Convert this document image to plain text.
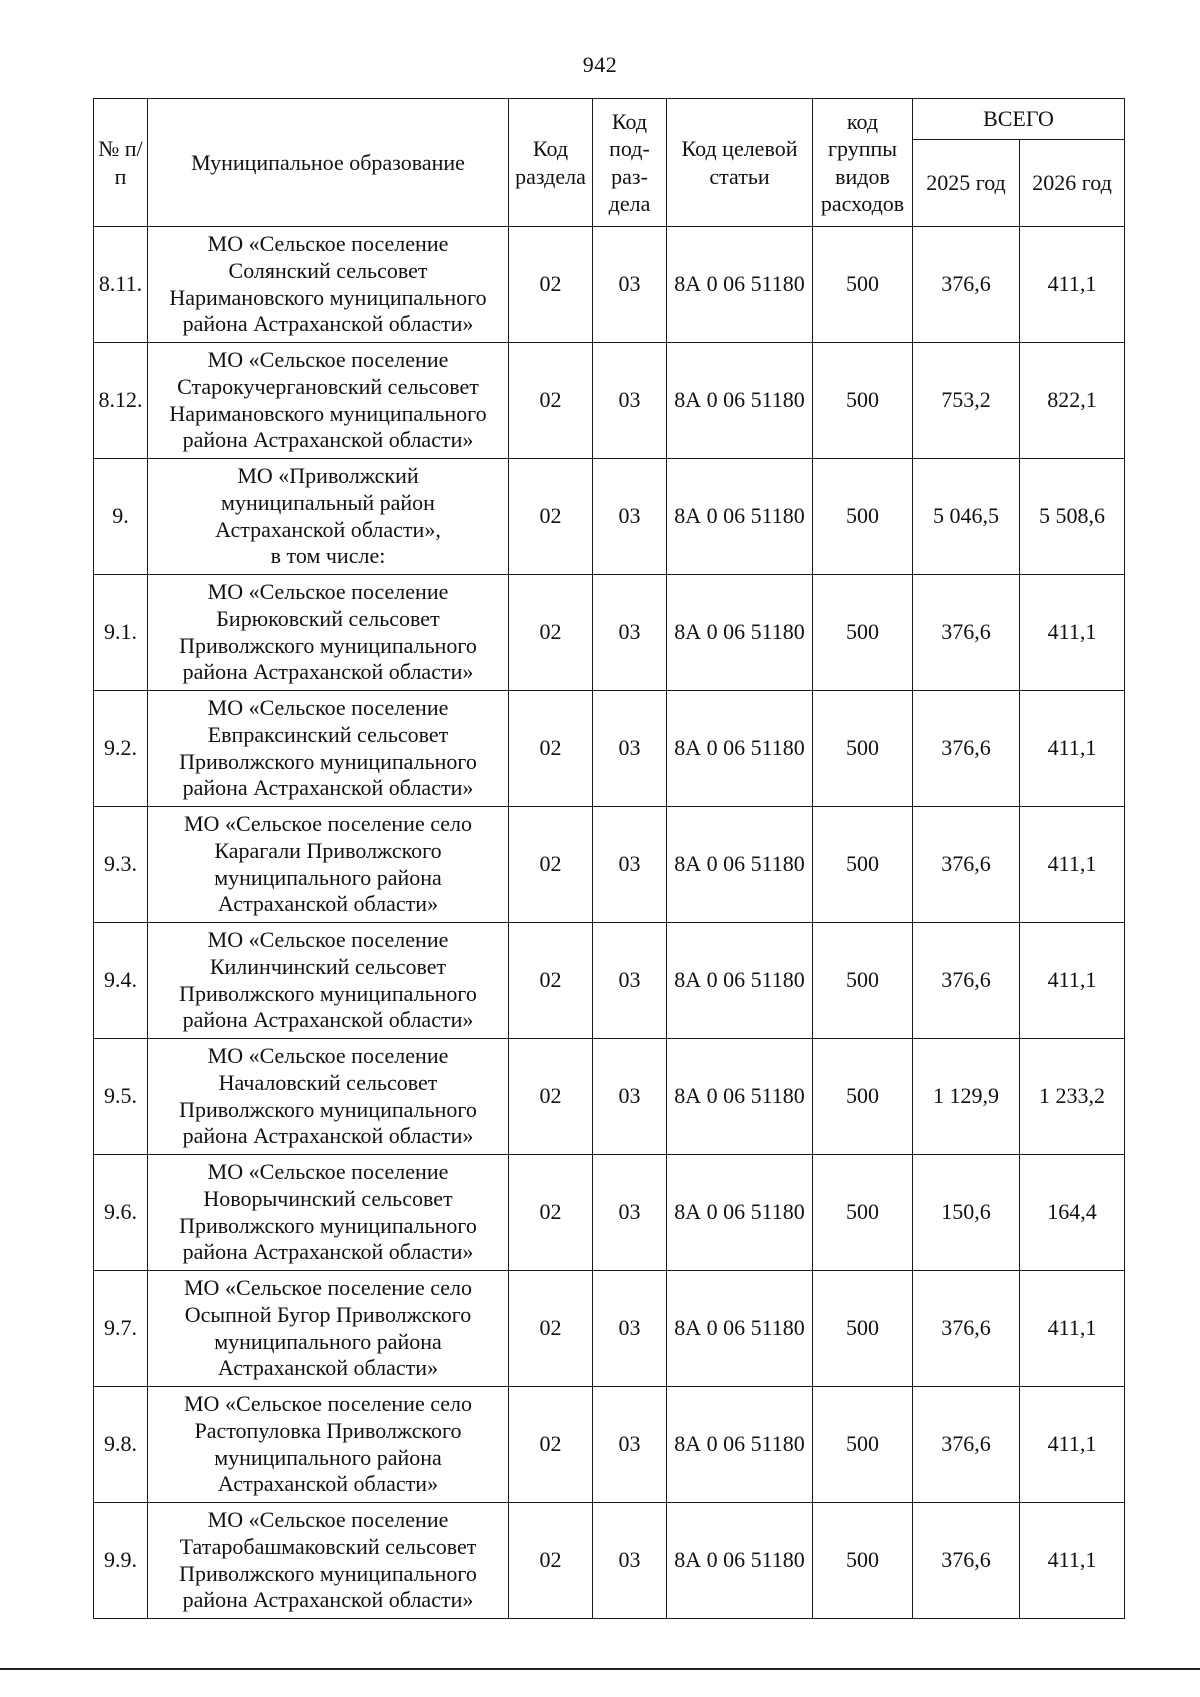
942
№ п/п	Муниципальное образование	Код раздела	Код под-раз-дела	Код целевой статьи	код группы видов расходов	ВСЕГО	
						2025 год	2026 год
8.11.	МО «Сельское поселение
Солянский сельсовет
Наримановского муниципального
района Астраханской области»	02	03	8А 0 06 51180	500	376,6	411,1
8.12.	МО «Сельское поселение
Старокучергановский сельсовет
Наримановского муниципального
района Астраханской области»	02	03	8А 0 06 51180	500	753,2	822,1
9.	МО «Приволжский
муниципальный район
Астраханской области»,
в том числе:	02	03	8А 0 06 51180	500	5 046,5	5 508,6
9.1.	МО «Сельское поселение
Бирюковский сельсовет
Приволжского муниципального
района Астраханской области»	02	03	8А 0 06 51180	500	376,6	411,1
9.2.	МО «Сельское поселение
Евпраксинский сельсовет
Приволжского муниципального
района Астраханской области»	02	03	8А 0 06 51180	500	376,6	411,1
9.3.	МО «Сельское поселение село
Карагали Приволжского
муниципального района
Астраханской области»	02	03	8А 0 06 51180	500	376,6	411,1
9.4.	МО «Сельское поселение
Килинчинский сельсовет
Приволжского муниципального
района Астраханской области»	02	03	8А 0 06 51180	500	376,6	411,1
9.5.	МО «Сельское поселение
Началовский сельсовет
Приволжского муниципального
района Астраханской области»	02	03	8А 0 06 51180	500	1 129,9	1 233,2
9.6.	МО «Сельское поселение
Новорычинский сельсовет
Приволжского муниципального
района Астраханской области»	02	03	8А 0 06 51180	500	150,6	164,4
9.7.	МО «Сельское поселение село
Осыпной Бугор Приволжского
муниципального района
Астраханской области»	02	03	8А 0 06 51180	500	376,6	411,1
9.8.	МО «Сельское поселение село
Растопуловка Приволжского
муниципального района
Астраханской области»	02	03	8А 0 06 51180	500	376,6	411,1
9.9.	МО «Сельское поселение
Татаробашмаковский сельсовет
Приволжского муниципального
района Астраханской области»	02	03	8А 0 06 51180	500	376,6	411,1
